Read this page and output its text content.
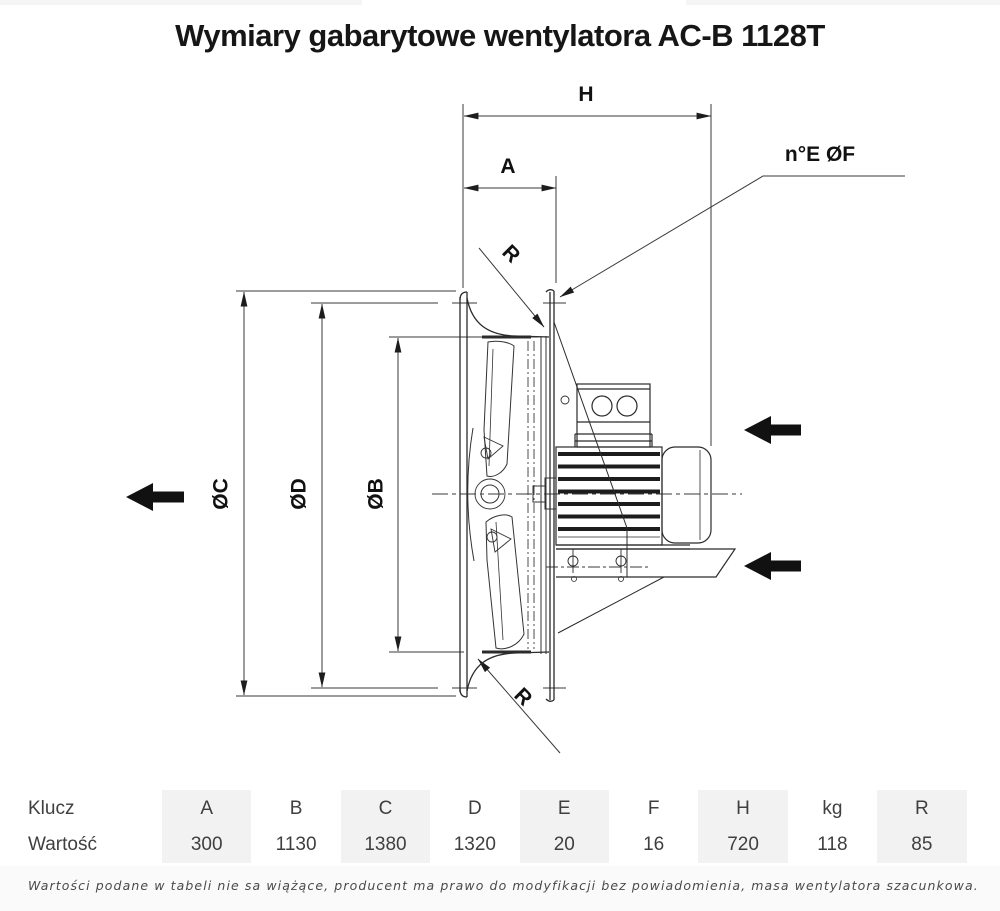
Wymiary gabarytowe wentylatora AC-B 1128T
H
A
n°E ØF
R
R
ØC	ØD	ØB
Klucz
Wartość
A
300
B
1130
C
1380
D
1320
E
20
F
16
H
720
kg
118
R
85
Wartości podane w tabeli nie sa wiążące, producent ma prawo do modyfikacji bez powiadomienia, masa wentylatora szacunkowa.
